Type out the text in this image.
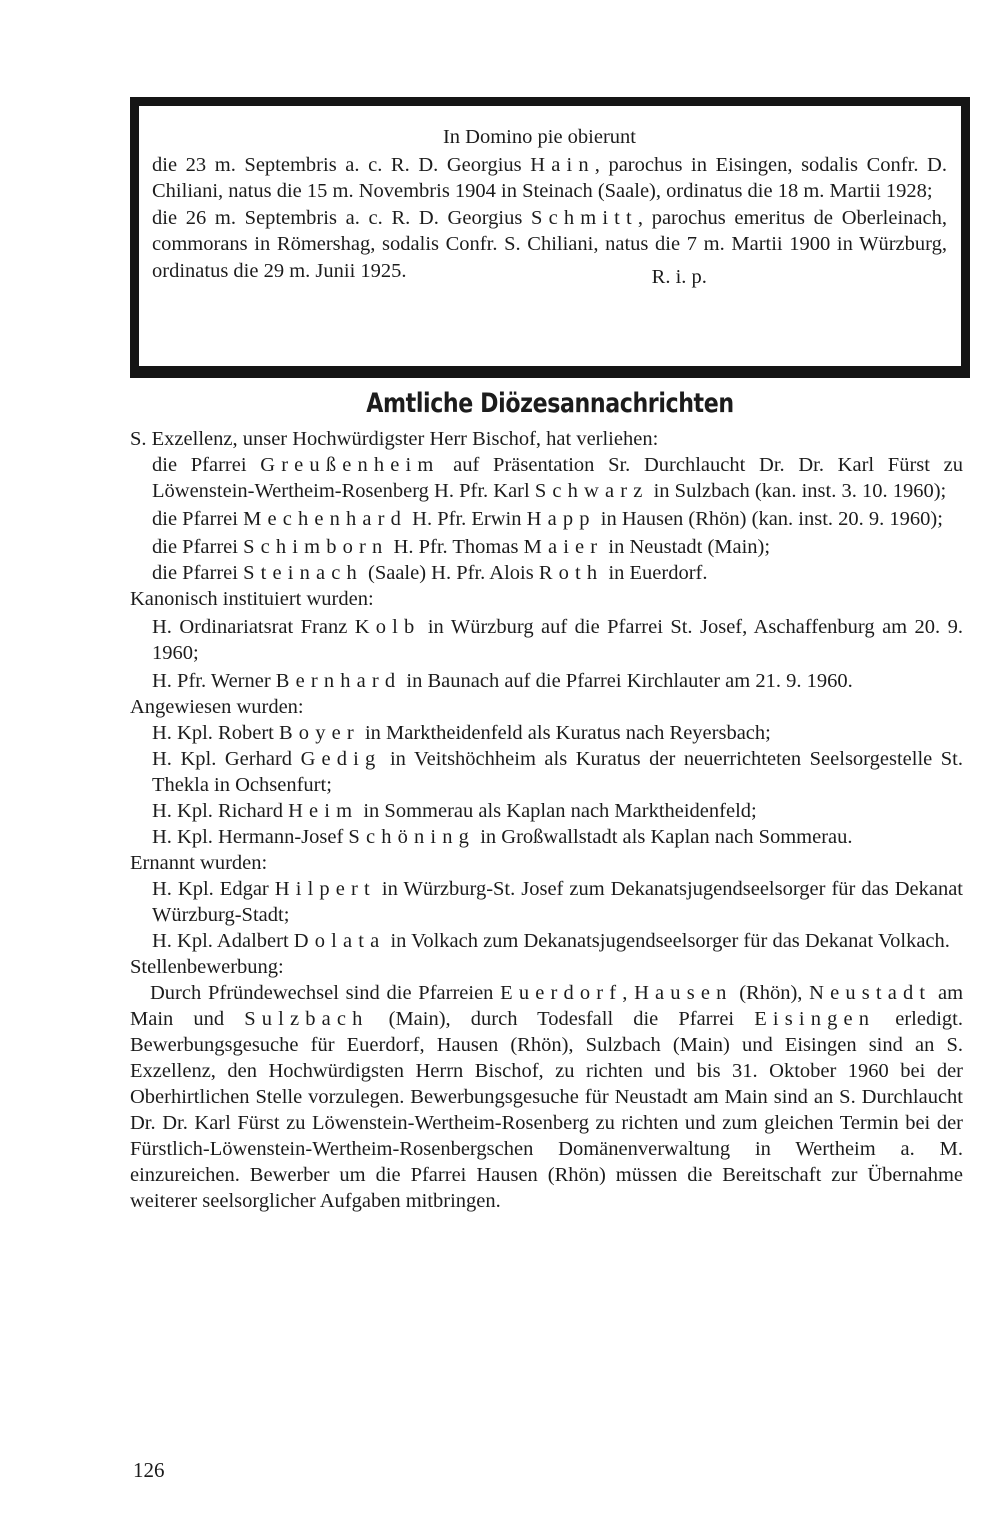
In Domino pie obierunt

die 23 m. Septembris a. c. R. D. Georgius Hain, parochus in Eisingen, sodalis Confr. D. Chiliani, natus die 15 m. Novembris 1904 in Steinach (Saale), ordinatus die 18 m. Martii 1928;

die 26 m. Septembris a. c. R. D. Georgius Schmitt, parochus emeritus de Oberleinach, commorans in Römershag, sodalis Confr. S. Chiliani, natus die 7 m. Martii 1900 in Würzburg, ordinatus die 29 m. Junii 1925.	R. i. p.

Amtliche Diözesannachrichten

S. Exzellenz, unser Hochwürdigster Herr Bischof, hat verliehen:

die Pfarrei Greußenheim auf Präsentation Sr. Durchlaucht Dr. Dr. Karl Fürst zu Löwenstein-Wertheim-Rosenberg H. Pfr. Karl Schwarz in Sulzbach (kan. inst. 3. 10. 1960);

die Pfarrei Mechenhard H. Pfr. Erwin Happ in Hausen (Rhön) (kan. inst. 20. 9. 1960);

die Pfarrei Schimborn H. Pfr. Thomas Maier in Neustadt (Main);

die Pfarrei Steinach (Saale) H. Pfr. Alois Roth in Euerdorf.

Kanonisch instituiert wurden:

H. Ordinariatsrat Franz Kolb in Würzburg auf die Pfarrei St. Josef, Aschaffenburg am 20. 9. 1960;

H. Pfr. Werner Bernhard in Baunach auf die Pfarrei Kirchlauter am 21. 9. 1960.

Angewiesen wurden:

H. Kpl. Robert Boyer in Marktheidenfeld als Kuratus nach Reyersbach;

H. Kpl. Gerhard Gedig in Veitshöchheim als Kuratus der neuerrichteten Seelsorgestelle St. Thekla in Ochsenfurt;

H. Kpl. Richard Heim in Sommerau als Kaplan nach Marktheidenfeld;

H. Kpl. Hermann-Josef Schöning in Großwallstadt als Kaplan nach Sommerau.

Ernannt wurden:

H. Kpl. Edgar Hilpert in Würzburg-St. Josef zum Dekanatsjugendseelsorger für das Dekanat Würzburg-Stadt;

H. Kpl. Adalbert Dolata in Volkach zum Dekanatsjugendseelsorger für das Dekanat Volkach.

Stellenbewerbung:

Durch Pfründewechsel sind die Pfarreien Euerdorf, Hausen (Rhön), Neustadt am Main und Sulzbach (Main), durch Todesfall die Pfarrei Eisingen erledigt. Bewerbungsgesuche für Euerdorf, Hausen (Rhön), Sulzbach (Main) und Eisingen sind an S. Exzellenz, den Hochwürdigsten Herrn Bischof, zu richten und bis 31. Oktober 1960 bei der Oberhirtlichen Stelle vorzulegen. Bewerbungsgesuche für Neustadt am Main sind an S. Durchlaucht Dr. Dr. Karl Fürst zu Löwenstein-Wertheim-Rosenberg zu richten und zum gleichen Termin bei der Fürstlich-Löwenstein-Wertheim-Rosenbergschen Domänenverwaltung in Wertheim a. M. einzureichen. Bewerber um die Pfarrei Hausen (Rhön) müssen die Bereitschaft zur Übernahme weiterer seelsorglicher Aufgaben mitbringen.

126
